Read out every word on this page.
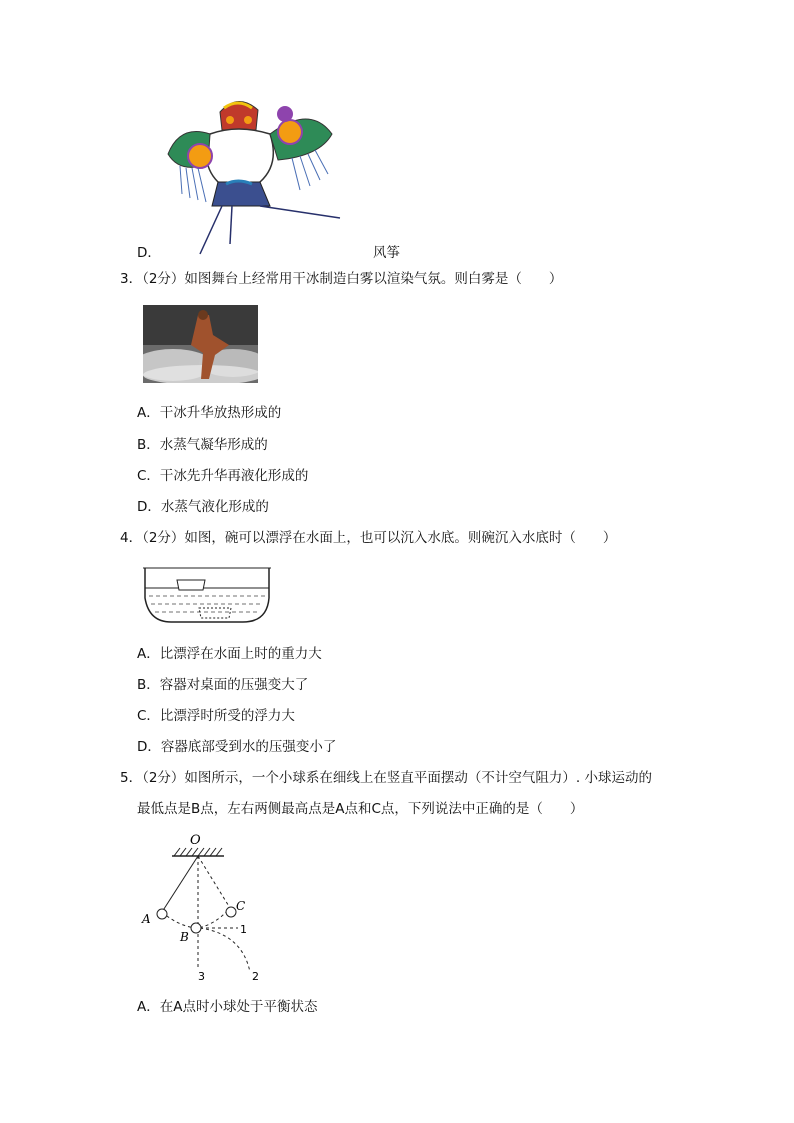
D．	风筝
3．（2分）如图舞台上经常用干冰制造白雾以渲染气氛。则白雾是（　　）
A．干冰升华放热形成的
B．水蒸气凝华形成的
C．干冰先升华再液化形成的
D．水蒸气液化形成的
4．（2分）如图，碗可以漂浮在水面上，也可以沉入水底。则碗沉入水底时（　　）
A．比漂浮在水面上时的重力大
B．容器对桌面的压强变大了
C．比漂浮时所受的浮力大
D．容器底部受到水的压强变小了
5．（2分）如图所示，一个小球系在细线上在竖直平面摆动（不计空气阻力）. 小球运动的
最低点是B点，左右两侧最高点是A点和C点，下列说法中正确的是（　　）
O
A
B
C
1
2
3
A．在A点时小球处于平衡状态
